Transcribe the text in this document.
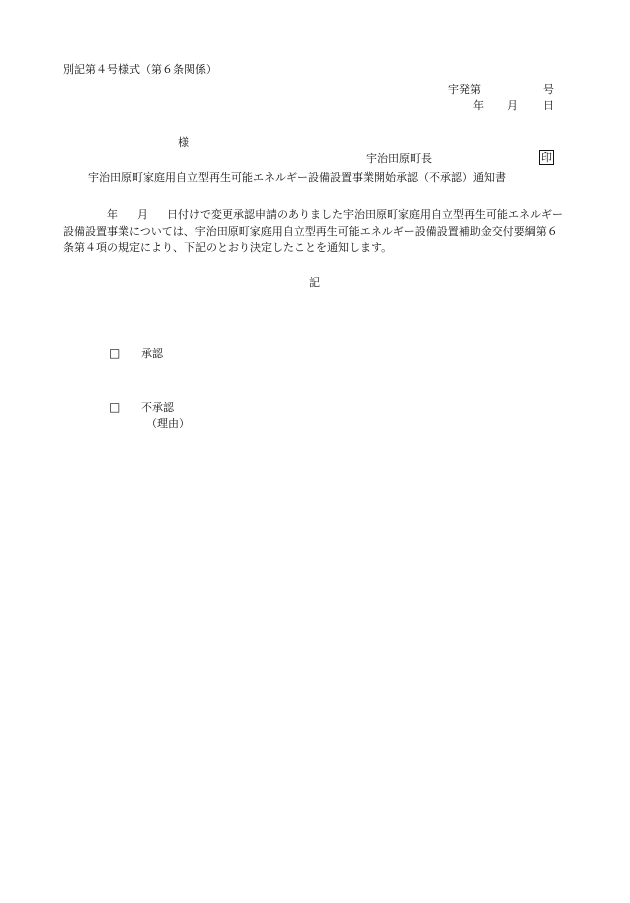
別記第４号様式（第６条関係）
宇発第	号
年 月 日
様
宇治田原町長	印
宇治田原町家庭用自立型再生可能エネルギー設備設置事業開始承認（不承認）通知書
年 月 日付けで変更承認申請のありました宇治田原町家庭用自立型再生可能エネルギー設備設置事業については、宇治田原町家庭用自立型再生可能エネルギー設備設置補助金交付要綱第６条第４項の規定により、下記のとおり決定したことを通知します。
記
□ 承認
□ 不承認
（理由）
